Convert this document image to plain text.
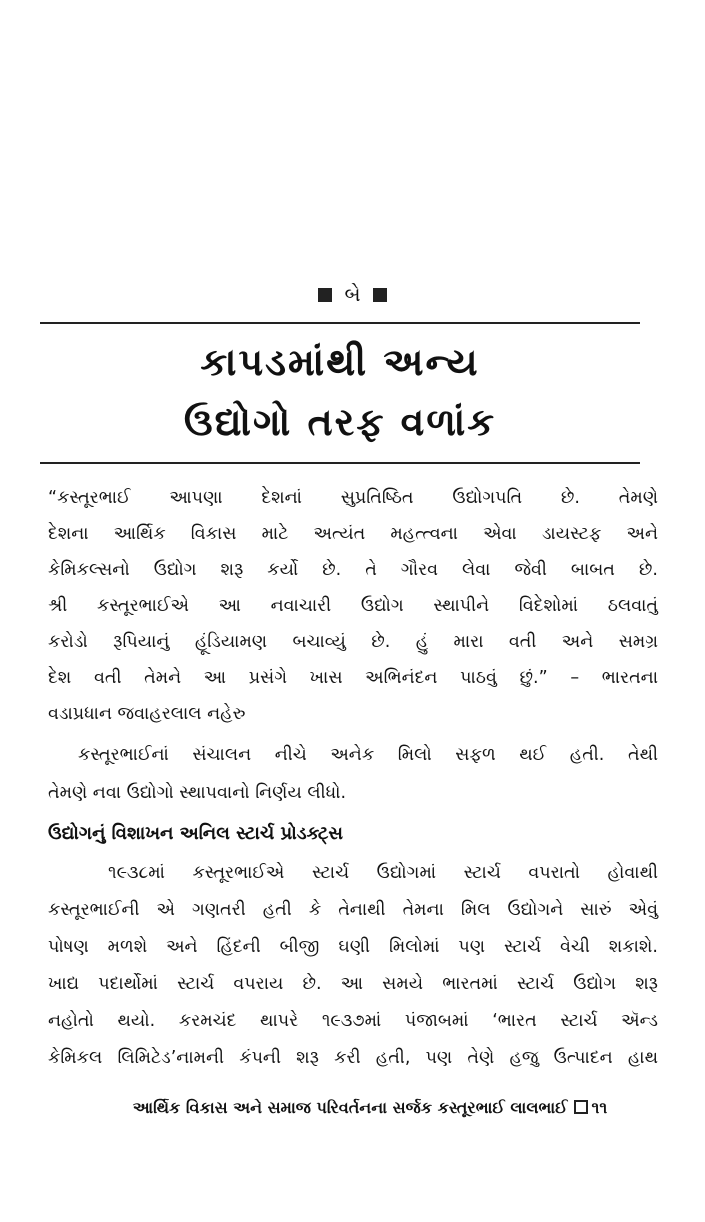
બે
કાપડમાંથી અન્ય
ઉદ્યોગો તરફ વળાંક
“કસ્તૂરભાઈ આપણા દેશનાં સુપ્રતિષ્ઠિત ઉદ્યોગપતિ છે. તેમણે
દેશના આર્થિક વિકાસ માટે અત્યંત મહત્ત્વના એવા ડાયસ્ટફ અને
કેમિકલ્સનો ઉદ્યોગ શરૂ કર્યો છે. તે ગૌરવ લેવા જેવી બાબત છે.
શ્રી કસ્તૂરભાઈએ આ નવાચારી ઉદ્યોગ સ્થાપીને વિદેશોમાં ઠલવાતું
કરોડો રૂપિયાનું હૂંડિયામણ બચાવ્યું છે. હું મારા વતી અને સમગ્ર
દેશ વતી તેમને આ પ્રસંગે ખાસ અભિનંદન પાઠવું છું.” – ભારતના
વડાપ્રધાન જવાહરલાલ નહેરુ
કસ્તૂરભાઈનાં સંચાલન નીચે અનેક મિલો સફળ થઈ હતી. તેથી
તેમણે નવા ઉદ્યોગો સ્થાપવાનો નિર્ણય લીધો.
ઉદ્યોગનું વિશાખન અનિલ સ્ટાર્ચ પ્રોડક્ટ્સ
૧૯૩૮માં કસ્તૂરભાઈએ સ્ટાર્ચ ઉદ્યોગમાં સ્ટાર્ચ વપરાતો હોવાથી
કસ્તૂરભાઈની એ ગણતરી હતી કે તેનાથી તેમના મિલ ઉદ્યોગને સારું એવું
પોષણ મળશે અને હિંદની બીજી ઘણી મિલોમાં પણ સ્ટાર્ચ વેચી શકાશે.
ખાદ્ય પદાર્થોમાં સ્ટાર્ચ વપરાય છે. આ સમયે ભારતમાં સ્ટાર્ચ ઉદ્યોગ શરૂ
નહોતો થયો. કરમચંદ થાપરે ૧૯૩૭માં પંજાબમાં ‘ભારત સ્ટાર્ચ ઍન્ડ
કેમિકલ લિમિટેડ’નામની કંપની શરૂ કરી હતી, પણ તેણે હજુ ઉત્પાદન હાથ
આર્થિક વિકાસ અને સમાજ પરિવર્તનના સર્જક કસ્તૂરભાઈ લાલભાઈ ૧૧
